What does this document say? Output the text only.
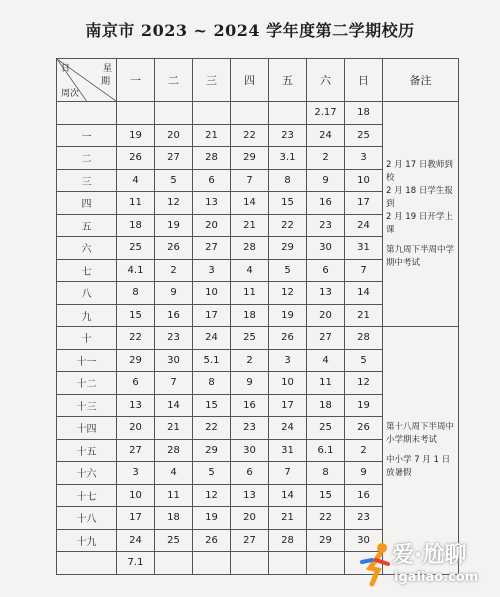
南京市 2023 ~ 2024 学年度第二学期校历
日 星
期
周次	一	二	三	四	五	六	日	备注
						2.17	18	2 月 17 日教师到校
2 月 18 日学生报到
2 月 19 日开学上课
第九周下半周中学期中考试

一	19	20	21	22	23	24	25	
二	26	27	28	29	3.1	2	3	
三	4	5	6	7	8	9	10	
四	11	12	13	14	15	16	17	
五	18	19	20	21	22	23	24	
六	25	26	27	28	29	30	31	
七	4.1	2	3	4	5	6	7	
八	8	9	10	11	12	13	14	
九	15	16	17	18	19	20	21	
十	22	23	24	25	26	27	28	第十八周下半周中小学期末考试
中小学 7 月 1 日放暑假

十一	29	30	5.1	2	3	4	5	
十二	6	7	8	9	10	11	12	
十三	13	14	15	16	17	18	19	
十四	20	21	22	23	24	25	26	
十五	27	28	29	30	31	6.1	2	
十六	3	4	5	6	7	8	9	
十七	10	11	12	13	14	15	16	
十八	17	18	19	20	21	22	23	
十九	24	25	26	27	28	29	30	
	7.1								爱·尬聊
igaliao.com
